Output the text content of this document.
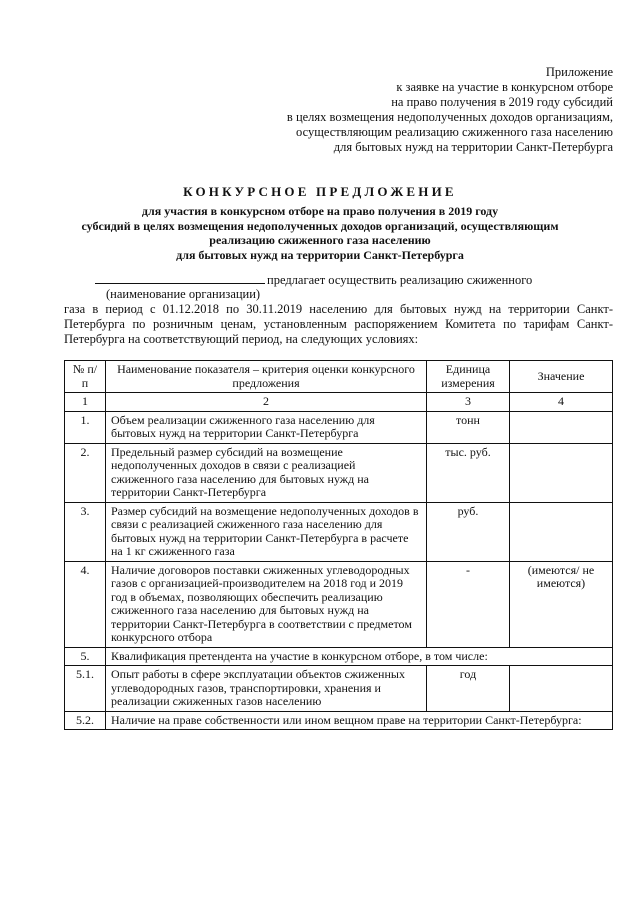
Приложение
к заявке на участие в конкурсном отборе
на право получения в 2019 году субсидий
в целях возмещения недополученных доходов организациям,
осуществляющим реализацию сжиженного газа населению
для бытовых нужд на территории Санкт-Петербурга
КОНКУРСНОЕ ПРЕДЛОЖЕНИЕ
для участия в конкурсном отборе на право получения в 2019 году
субсидий в целях возмещения недополученных доходов организаций, осуществляющим
реализацию сжиженного газа населению
для бытовых нужд на территории Санкт-Петербурга
предлагает осуществить реализацию сжиженного
(наименование организации)
газа в период с 01.12.2018 по 30.11.2019 населению для бытовых нужд на территории Санкт-Петербурга по розничным ценам, установленным распоряжением Комитета по тарифам Санкт-Петербурга на соответствующий период, на следующих условиях:
№ п/п	Наименование показателя – критерия оценки конкурсного предложения	Единица измерения	Значение
1	2	3	4
1.	Объем реализации сжиженного газа населению для бытовых нужд на территории Санкт-Петербурга	тонн	
2.	Предельный размер субсидий на возмещение недополученных доходов в связи с реализацией сжиженного газа населению для бытовых нужд на территории Санкт-Петербурга	тыс. руб.	
3.	Размер субсидий на возмещение недополученных доходов в связи с реализацией сжиженного газа населению для бытовых нужд на территории Санкт-Петербурга в расчете на 1 кг сжиженного газа	руб.	
4.	Наличие договоров поставки сжиженных углеводородных газов с организацией-производителем на 2018 год и 2019 год в объемах, позволяющих обеспечить реализацию сжиженного газа населению для бытовых нужд на территории Санкт-Петербурга в соответствии с предметом конкурсного отбора	-	(имеются/ не имеются)
5.	Квалификация претендента на участие в конкурсном отборе, в том числе:		
5.1.	Опыт работы в сфере эксплуатации объектов сжиженных углеводородных газов, транспортировки, хранения и реализации сжиженных газов населению	год	
5.2.	Наличие на праве собственности или ином вещном праве на территории Санкт-Петербурга:		
